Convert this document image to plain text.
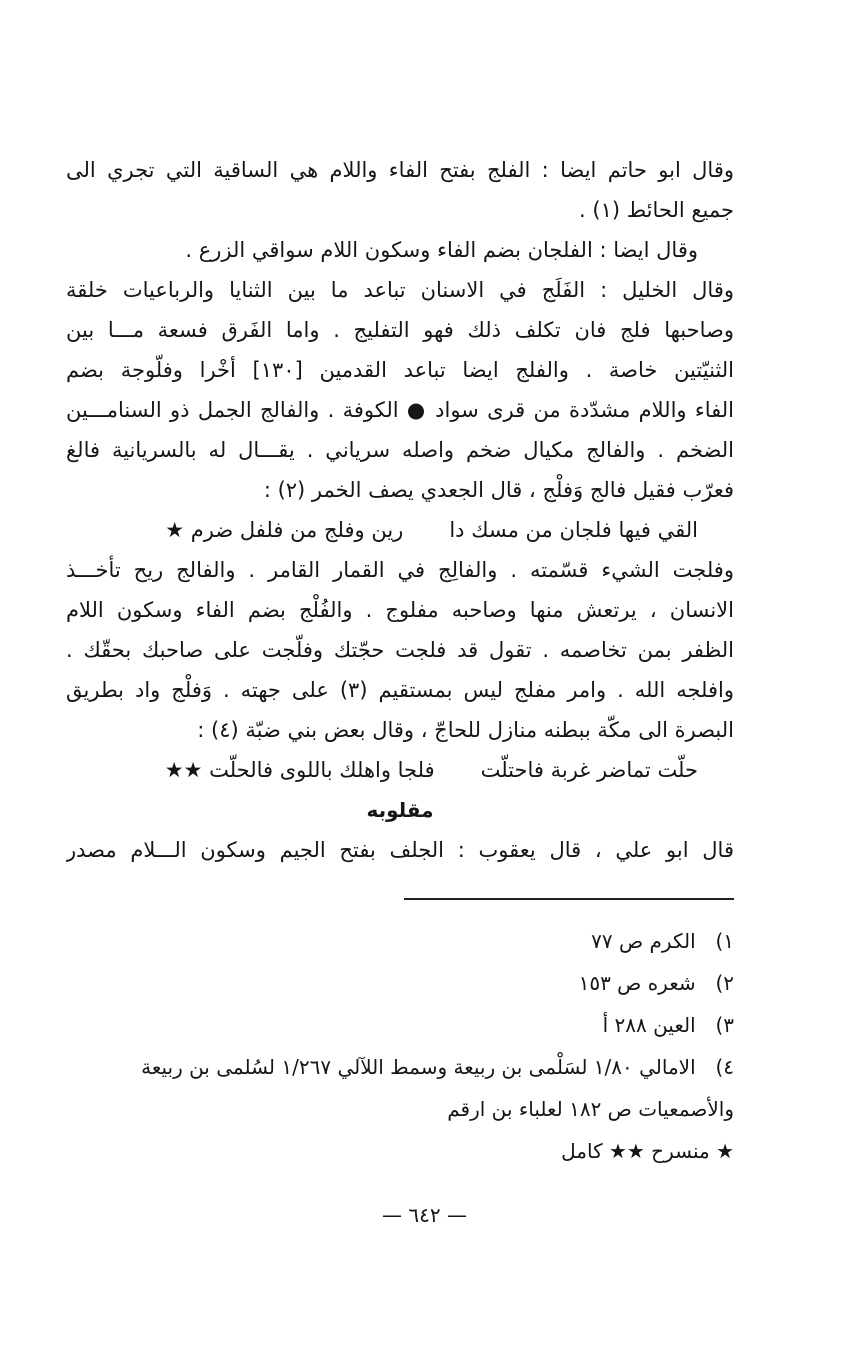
وقال ابو حاتم ايضا : الفلج بفتح الفاء واللام هي الساقية التي تجري الى
جميع الحائط (١) .
وقال ايضا : الفلجان بضم الفاء وسكون اللام سواقي الزرع .
وقال الخليل : الفَلَج في الاسنان تباعد ما بين الثنايا والرباعيات خلقة
وصاحبها فلج فان تكلف ذلك فهو التفليج . واما الفَرق فسعة مـــا بين
الثنيّتين خاصة . والفلج ايضا تباعد القدمين [١٣٠] أخْرا وفلّوجة بضم
الفاء واللام مشدّدة من قرى سواد ● الكوفة . والفالج الجمل ذو السنامـــين
الضخم . والفالج مكيال ضخم واصله سرياني . يقـــال له بالسريانية فالغ
فعرّب فقيل فالج وَفلْج ، قال الجعدي يصف الخمر (٢) :
القي فيها فلجان من مسك دارين وفلج من فلفل ضرم ★
وفلجت الشيء قسّمته . والفالِج في القمار القامر . والفالج ريح تأخـــذ
الانسان ، يرتعش منها وصاحبه مفلوج . والفُلْج بضم الفاء وسكون اللام
الظفر بمن تخاصمه . تقول قد فلجت حجّتك وفلّجت على صاحبك بحقّك .
وافلجه الله . وامر مفلج ليس بمستقيم (٣) على جهته . وَفلْج واد بطريق
البصرة الى مكّة ببطنه منازل للحاجّ ، وقال بعض بني ضبّة (٤) :
حلّت تماضر غربة فاحتلّتفلجا واهلك باللوى فالحلّت ★★
مقلوبه
قال ابو علي ، قال يعقوب : الجلف بفتح الجيم وسكون الـــلام مصدر
١) الكرم ص ٧٧
٢) شعره ص ١٥٣
٣) العين ٢٨٨ أ
٤) الامالي ١/٨٠ لسَلْمى بن ربيعة وسمط اللآلي ١/٢٦٧ لسُلمى بن ربيعة
والأصمعيات ص ١٨٢ لعلباء بن ارقم
★ منسرح ★★ كامل
— ٦٤٢ —
